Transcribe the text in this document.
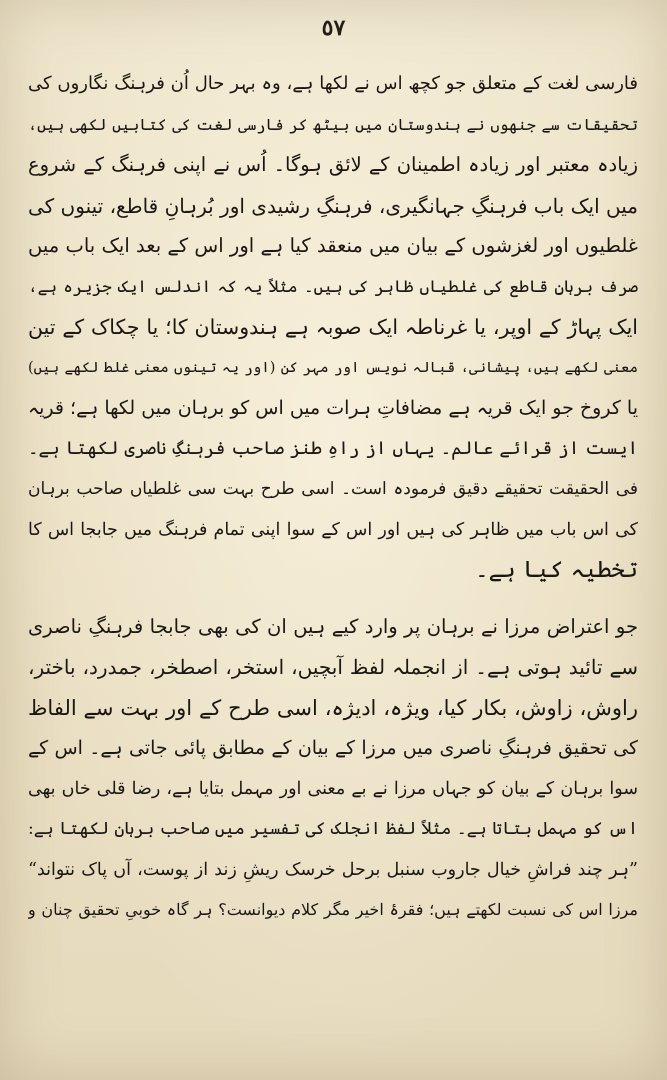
٥٧

فارسی لغت کے متعلق جو کچھ اس نے لکھا ہے، وہ بہر حال اُن فرہنگ نگاروں کی
تحقیقات سے جنھوں نے ہندوستان میں بیٹھ کر فارسی لغت کی کتابیں لکھی ہیں،
زیادہ معتبر اور زیادہ اطمینان کے لائق ہوگا۔ اُس نے اپنی فرہنگ کے شروع
میں ایک باب فرہنگِ جہانگیری، فرہنگِ رشیدی اور بُرہانِ قاطع، تینوں کی
غلطیوں اور لغزشوں کے بیان میں منعقد کیا ہے اور اس کے بعد ایک باب میں
صرف برہانِ قاطع کی غلطیاں ظاہر کی ہیں۔ مثلاً یہ کہ اندلس ایک جزیرہ ہے،
ایک پہاڑ کے اوپر، یا غرناطہ ایک صوبہ ہے ہندوستان کا؛ یا چکاک کے تین
معنی لکھے ہیں، پیشانی، قبالہ نویس اور مہر کن (اور یہ تینوں معنی غلط لکھے ہیں)
یا کروخ جو ایک قریہ ہے مضافاتِ ہرات میں اس کو برہان میں لکھا ہے؛ قریہ
ایست از قرائے عالم۔ یہاں از راہِ طنز صاحب فرہنگِ ناصری لکھتا ہے۔
فی الحقیقت تحقیقے دقیق فرمودہ است۔ اسی طرح بہت سی غلطیاں صاحب برہان
کی اس باب میں ظاہر کی ہیں اور اس کے سوا اپنی تمام فرہنگ میں جابجا اس کا
تخطیہ کیا ہے۔

جو اعتراض مرزا نے برہان پر وارد کیے ہیں ان کی بھی جابجا فرہنگِ ناصری
سے تائید ہوتی ہے۔ از انجملہ لفظ آبچیں، استخر، اصطخر، جمدرد، باختر،
راوش، زاوش، بکار کیا، ویژہ، ادیژہ، اسی طرح کے اور بہت سے الفاظ
کی تحقیق فرہنگِ ناصری میں مرزا کے بیان کے مطابق پائی جاتی ہے۔ اس کے
سوا برہان کے بیان کو جہاں مرزا نے بے معنی اور مہمل بتایا ہے، رضا قلی خاں بھی
اس کو مہمل بتاتا ہے۔ مثلاً لفظ انجلک کی تفسیر میں صاحب برہان لکھتا ہے:
”ہر چند فراشِ خیال جاروب سنبل برحل خرسک ریشِ زند از پوست، آں پاک نتواند“
مرزا اس کی نسبت لکھتے ہیں؛ فقرۂ اخیر مگر کلام دیوانست؟ ہر گاہ خوبیِ تحقیق چنان و
